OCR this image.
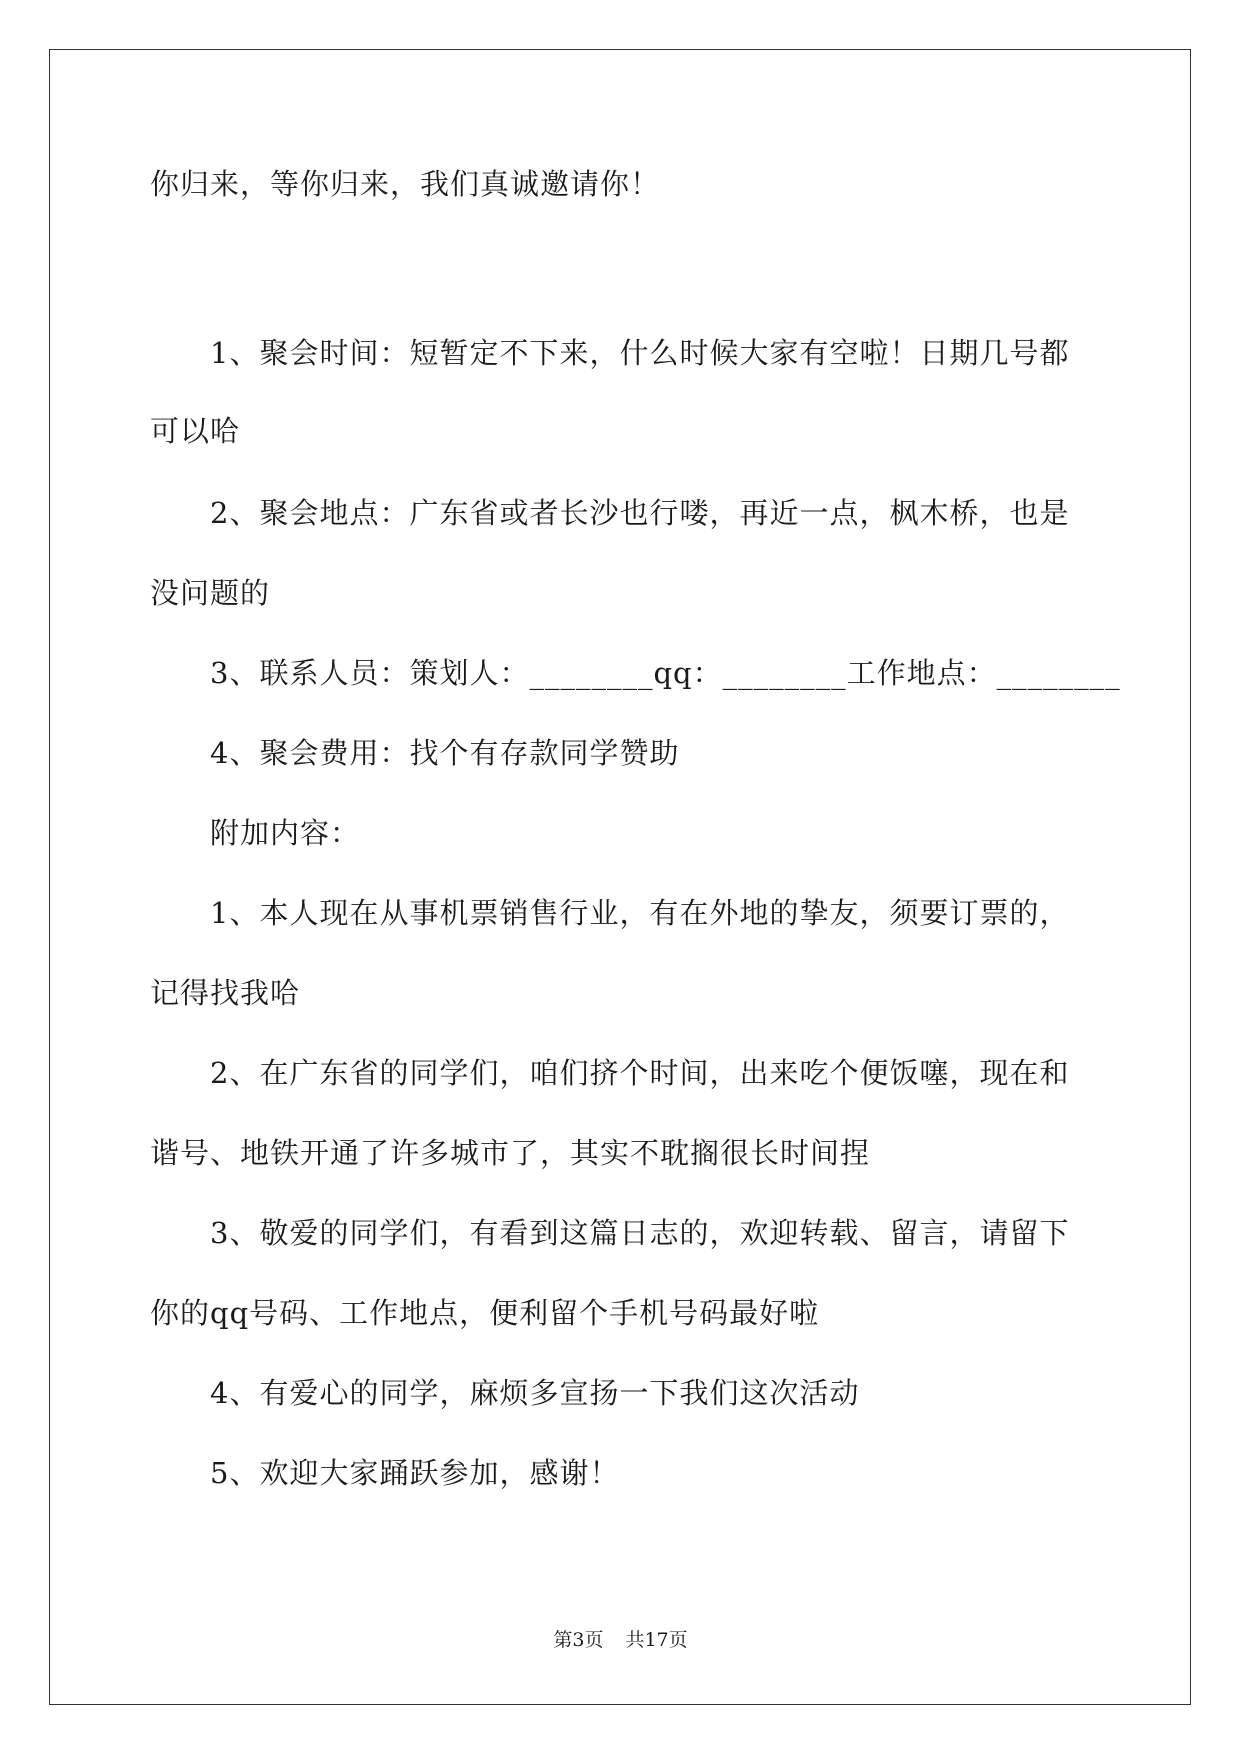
你归来，等你归来，我们真诚邀请你！
1、聚会时间：短暂定不下来，什么时候大家有空啦！日期几号都
可以哈
2、聚会地点：广东省或者长沙也行喽，再近一点，枫木桥，也是
没问题的
3、联系人员：策划人：________qq：________工作地点：________
4、聚会费用：找个有存款同学赞助
附加内容：
1、本人现在从事机票销售行业，有在外地的挚友，须要订票的，
记得找我哈
2、在广东省的同学们，咱们挤个时间，出来吃个便饭噻，现在和
谐号、地铁开通了许多城市了，其实不耽搁很长时间捏
3、敬爱的同学们，有看到这篇日志的，欢迎转载、留言，请留下
你的qq号码、工作地点，便利留个手机号码最好啦
4、有爱心的同学，麻烦多宣扬一下我们这次活动
5、欢迎大家踊跃参加，感谢！
第3页 共17页
